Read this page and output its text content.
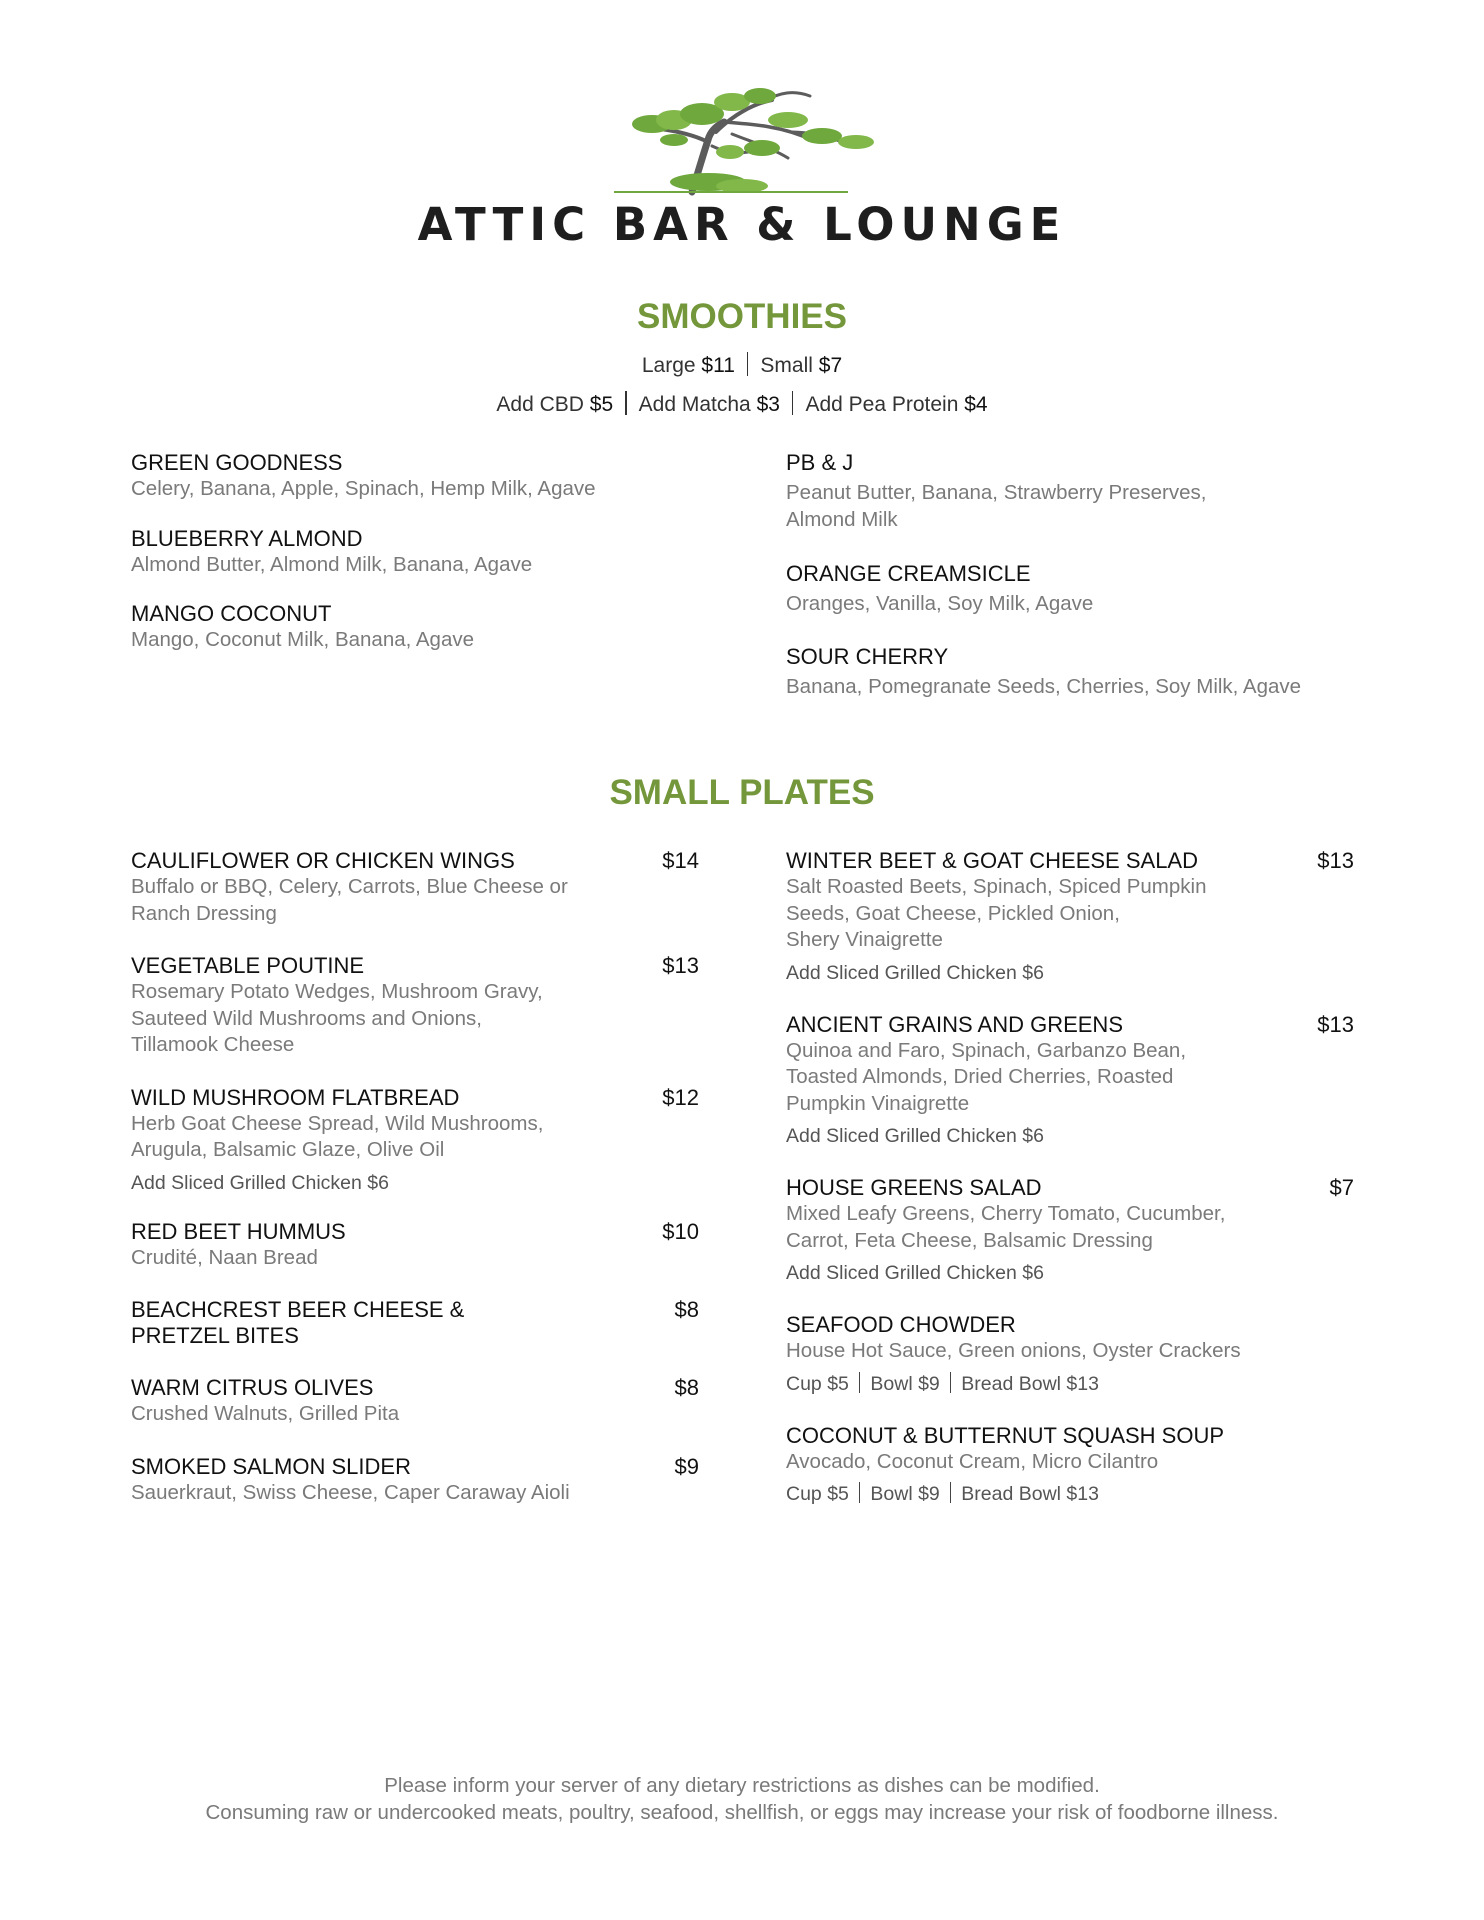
ATTIC BAR & LOUNGE
SMOOTHIES
Large $11 Small $7
Add CBD $5 Add Matcha $3 Add Pea Protein $4
GREEN GOODNESS
Celery, Banana, Apple, Spinach, Hemp Milk, Agave
BLUEBERRY ALMOND
Almond Butter, Almond Milk, Banana, Agave
MANGO COCONUT
Mango, Coconut Milk, Banana, Agave
PB & J
Peanut Butter, Banana, Strawberry Preserves,
Almond Milk
ORANGE CREAMSICLE
Oranges, Vanilla, Soy Milk, Agave
SOUR CHERRY
Banana, Pomegranate Seeds, Cherries, Soy Milk, Agave
SMALL PLATES
$14
CAULIFLOWER OR CHICKEN WINGS
Buffalo or BBQ, Celery, Carrots, Blue Cheese or
Ranch Dressing
$13
VEGETABLE POUTINE
Rosemary Potato Wedges, Mushroom Gravy,
Sauteed Wild Mushrooms and Onions,
Tillamook Cheese
$12
WILD MUSHROOM FLATBREAD
Herb Goat Cheese Spread, Wild Mushrooms,
Arugula, Balsamic Glaze, Olive Oil
Add Sliced Grilled Chicken $6
$10
RED BEET HUMMUS
Crudité, Naan Bread
$8
BEACHCREST BEER CHEESE &
PRETZEL BITES
$8
WARM CITRUS OLIVES
Crushed Walnuts, Grilled Pita
$9
SMOKED SALMON SLIDER
Sauerkraut, Swiss Cheese, Caper Caraway Aioli
$13
WINTER BEET & GOAT CHEESE SALAD
Salt Roasted Beets, Spinach, Spiced Pumpkin
Seeds, Goat Cheese, Pickled Onion,
Shery Vinaigrette
Add Sliced Grilled Chicken $6
$13
ANCIENT GRAINS AND GREENS
Quinoa and Faro, Spinach, Garbanzo Bean,
Toasted Almonds, Dried Cherries, Roasted
Pumpkin Vinaigrette
Add Sliced Grilled Chicken $6
$7
HOUSE GREENS SALAD
Mixed Leafy Greens, Cherry Tomato, Cucumber,
Carrot, Feta Cheese, Balsamic Dressing
Add Sliced Grilled Chicken $6
SEAFOOD CHOWDER
House Hot Sauce, Green onions, Oyster Crackers
Cup $5 Bowl $9 Bread Bowl $13
COCONUT & BUTTERNUT SQUASH SOUP
Avocado, Coconut Cream, Micro Cilantro
Cup $5 Bowl $9 Bread Bowl $13
Please inform your server of any dietary restrictions as dishes can be modified.
Consuming raw or undercooked meats, poultry, seafood, shellfish, or eggs may increase your risk of foodborne illness.
